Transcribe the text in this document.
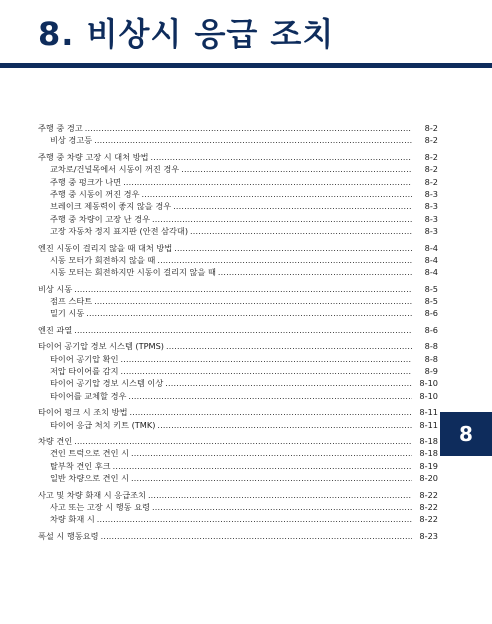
8. 비상시 응급 조치
주행 중 경고 .....	8-2
비상 경고등 .....	8-2
주행 중 차량 고장 시 대처 방법 .....	8-2
교차로/건널목에서 시동이 꺼진 경우 .....	8-2
주행 중 펑크가 나면 .....	8-2
주행 중 시동이 꺼진 경우 .....	8-3
브레이크 제동력이 좋지 않을 경우 .....	8-3
주행 중 차량이 고장 난 경우 .....	8-3
고장 자동차 정지 표지판 (안전 삼각대) .....	8-3
엔진 시동이 걸리지 않을 때 대처 방법 .....	8-4
시동 모터가 회전하지 않을 때 .....	8-4
시동 모터는 회전하지만 시동이 걸리지 않을 때 .....	8-4
비상 시동 .....	8-5
점프 스타트 .....	8-5
밀기 시동 .....	8-6
엔진 과열 .....	8-6
타이어 공기압 경보 시스템 (TPMS) .....	8-8
타이어 공기압 확인 .....	8-8
저압 타이어를 감지 .....	8-9
타이어 공기압 경보 시스템 이상 .....	8-10
타이어를 교체할 경우 .....	8-10
타이어 펑크 시 조치 방법 .....	8-11
타이어 응급 처치 키트 (TMK) .....	8-11
차량 견인 .....	8-18
견인 트럭으로 견인 시 .....	8-18
탈부착 견인 후크 .....	8-19
일반 차량으로 견인 시 .....	8-20
사고 및 차량 화재 시 응급조치 .....	8-22
사고 또는 고장 시 행동 요령 .....	8-22
차량 화재 시 .....	8-22
폭설 시 행동요령 .....	8-23
8
